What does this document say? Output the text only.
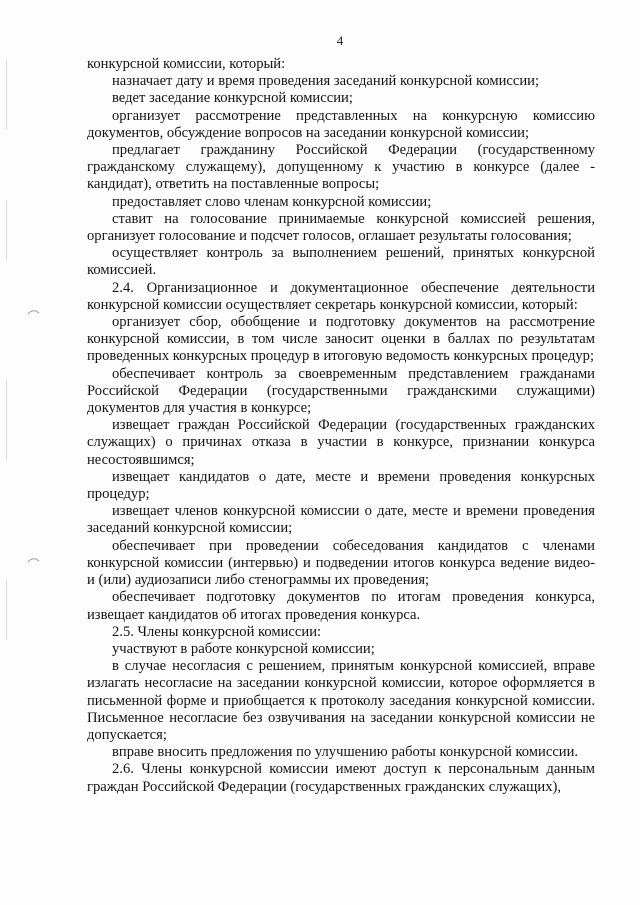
4

конкурсной комиссии, который:

назначает дату и время проведения заседаний конкурсной комиссии;

ведет заседание конкурсной комиссии;

организует рассмотрение представленных на конкурсную комиссию документов, обсуждение вопросов на заседании конкурсной комиссии;

предлагает гражданину Российской Федерации (государственному гражданскому служащему), допущенному к участию в конкурсе (далее - кандидат), ответить на поставленные вопросы;

предоставляет слово членам конкурсной комиссии;

ставит на голосование принимаемые конкурсной комиссией решения, организует голосование и подсчет голосов, оглашает результаты голосования;

осуществляет контроль за выполнением решений, принятых конкурсной комиссией.

2.4. Организационное и документационное обеспечение деятельности конкурсной комиссии осуществляет секретарь конкурсной комиссии, который:

организует сбор, обобщение и подготовку документов на рассмотрение конкурсной комиссии, в том числе заносит оценки в баллах по результатам проведенных конкурсных процедур в итоговую ведомость конкурсных процедур;

обеспечивает контроль за своевременным представлением гражданами Российской Федерации (государственными гражданскими служащими) документов для участия в конкурсе;

извещает граждан Российской Федерации (государственных гражданских служащих) о причинах отказа в участии в конкурсе, признании конкурса несостоявшимся;

извещает кандидатов о дате, месте и времени проведения конкурсных процедур;

извещает членов конкурсной комиссии о дате, месте и времени проведения заседаний конкурсной комиссии;

обеспечивает при проведении собеседования кандидатов с членами конкурсной комиссии (интервью) и подведении итогов конкурса ведение видео- и (или) аудиозаписи либо стенограммы их проведения;

обеспечивает подготовку документов по итогам проведения конкурса, извещает кандидатов об итогах проведения конкурса.

2.5. Члены конкурсной комиссии:

участвуют в работе конкурсной комиссии;

в случае несогласия с решением, принятым конкурсной комиссией, вправе излагать несогласие на заседании конкурсной комиссии, которое оформляется в письменной форме и приобщается к протоколу заседания конкурсной комиссии. Письменное несогласие без озвучивания на заседании конкурсной комиссии не допускается;

вправе вносить предложения по улучшению работы конкурсной комиссии.

2.6. Члены конкурсной комиссии имеют доступ к персональным данным граждан Российской Федерации (государственных гражданских служащих),
